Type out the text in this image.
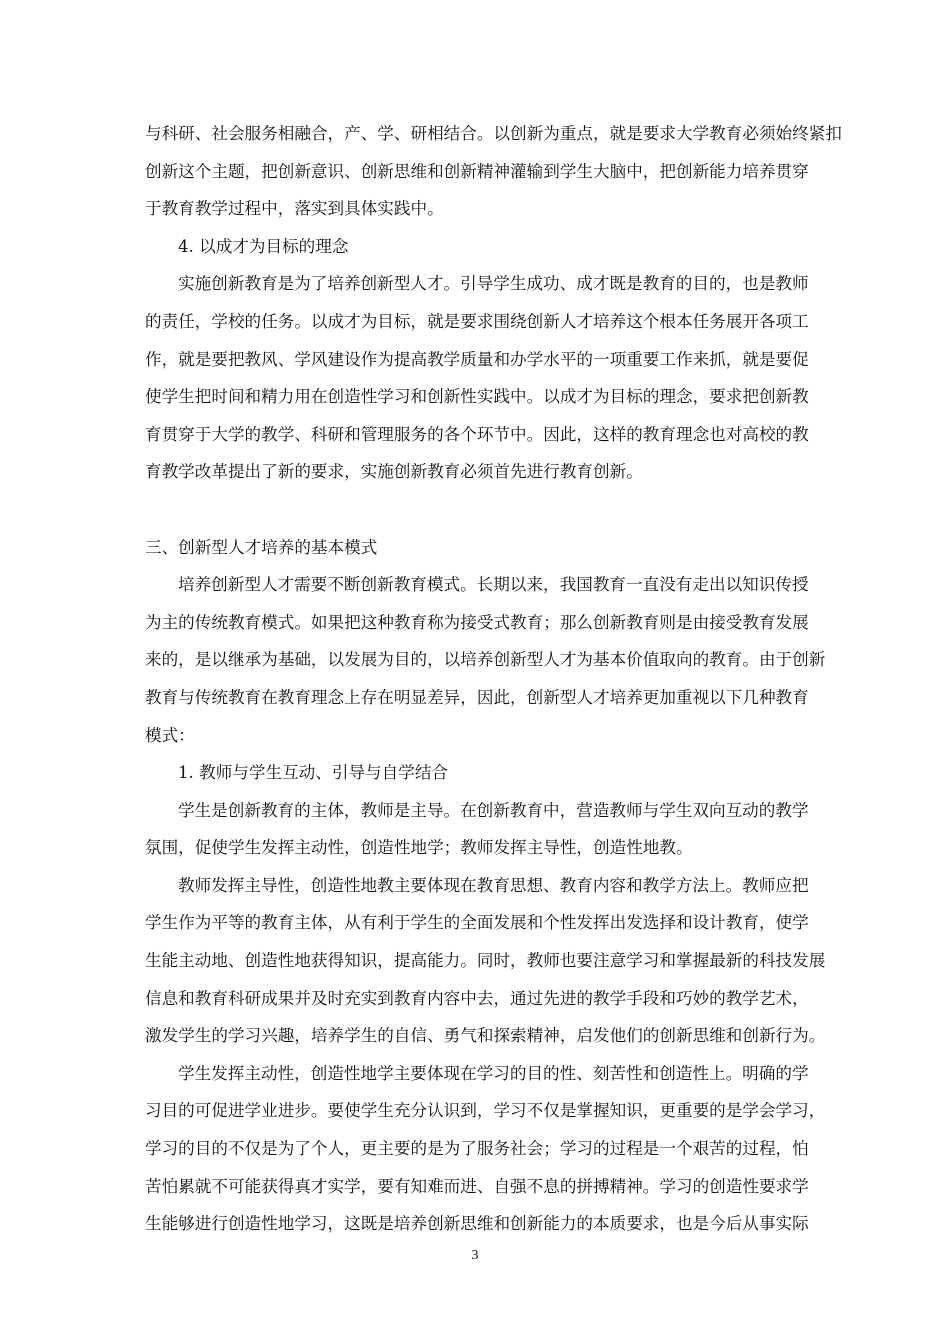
与科研、社会服务相融合，产、学、研相结合。以创新为重点，就是要求大学教育必须始终紧扣
创新这个主题，把创新意识、创新思维和创新精神灌输到学生大脑中，把创新能力培养贯穿
于教育教学过程中，落实到具体实践中。
4. 以成才为目标的理念
实施创新教育是为了培养创新型人才。引导学生成功、成才既是教育的目的，也是教师
的责任，学校的任务。以成才为目标，就是要求围绕创新人才培养这个根本任务展开各项工
作，就是要把教风、学风建设作为提高教学质量和办学水平的一项重要工作来抓，就是要促
使学生把时间和精力用在创造性学习和创新性实践中。以成才为目标的理念，要求把创新教
育贯穿于大学的教学、科研和管理服务的各个环节中。因此，这样的教育理念也对高校的教
育教学改革提出了新的要求，实施创新教育必须首先进行教育创新。
三、创新型人才培养的基本模式
培养创新型人才需要不断创新教育模式。长期以来，我国教育一直没有走出以知识传授
为主的传统教育模式。如果把这种教育称为接受式教育；那么创新教育则是由接受教育发展
来的，是以继承为基础，以发展为目的，以培养创新型人才为基本价值取向的教育。由于创新
教育与传统教育在教育理念上存在明显差异，因此，创新型人才培养更加重视以下几种教育
模式：
1. 教师与学生互动、引导与自学结合
学生是创新教育的主体，教师是主导。在创新教育中，营造教师与学生双向互动的教学
氛围，促使学生发挥主动性，创造性地学；教师发挥主导性，创造性地教。
教师发挥主导性，创造性地教主要体现在教育思想、教育内容和教学方法上。教师应把
学生作为平等的教育主体，从有利于学生的全面发展和个性发挥出发选择和设计教育，使学
生能主动地、创造性地获得知识，提高能力。同时，教师也要注意学习和掌握最新的科技发展
信息和教育科研成果并及时充实到教育内容中去，通过先进的教学手段和巧妙的教学艺术，
激发学生的学习兴趣，培养学生的自信、勇气和探索精神，启发他们的创新思维和创新行为。
学生发挥主动性，创造性地学主要体现在学习的目的性、刻苦性和创造性上。明确的学
习目的可促进学业进步。要使学生充分认识到，学习不仅是掌握知识，更重要的是学会学习，
学习的目的不仅是为了个人，更主要的是为了服务社会；学习的过程是一个艰苦的过程，怕
苦怕累就不可能获得真才实学，要有知难而进、自强不息的拼搏精神。学习的创造性要求学
生能够进行创造性地学习，这既是培养创新思维和创新能力的本质要求，也是今后从事实际
3
